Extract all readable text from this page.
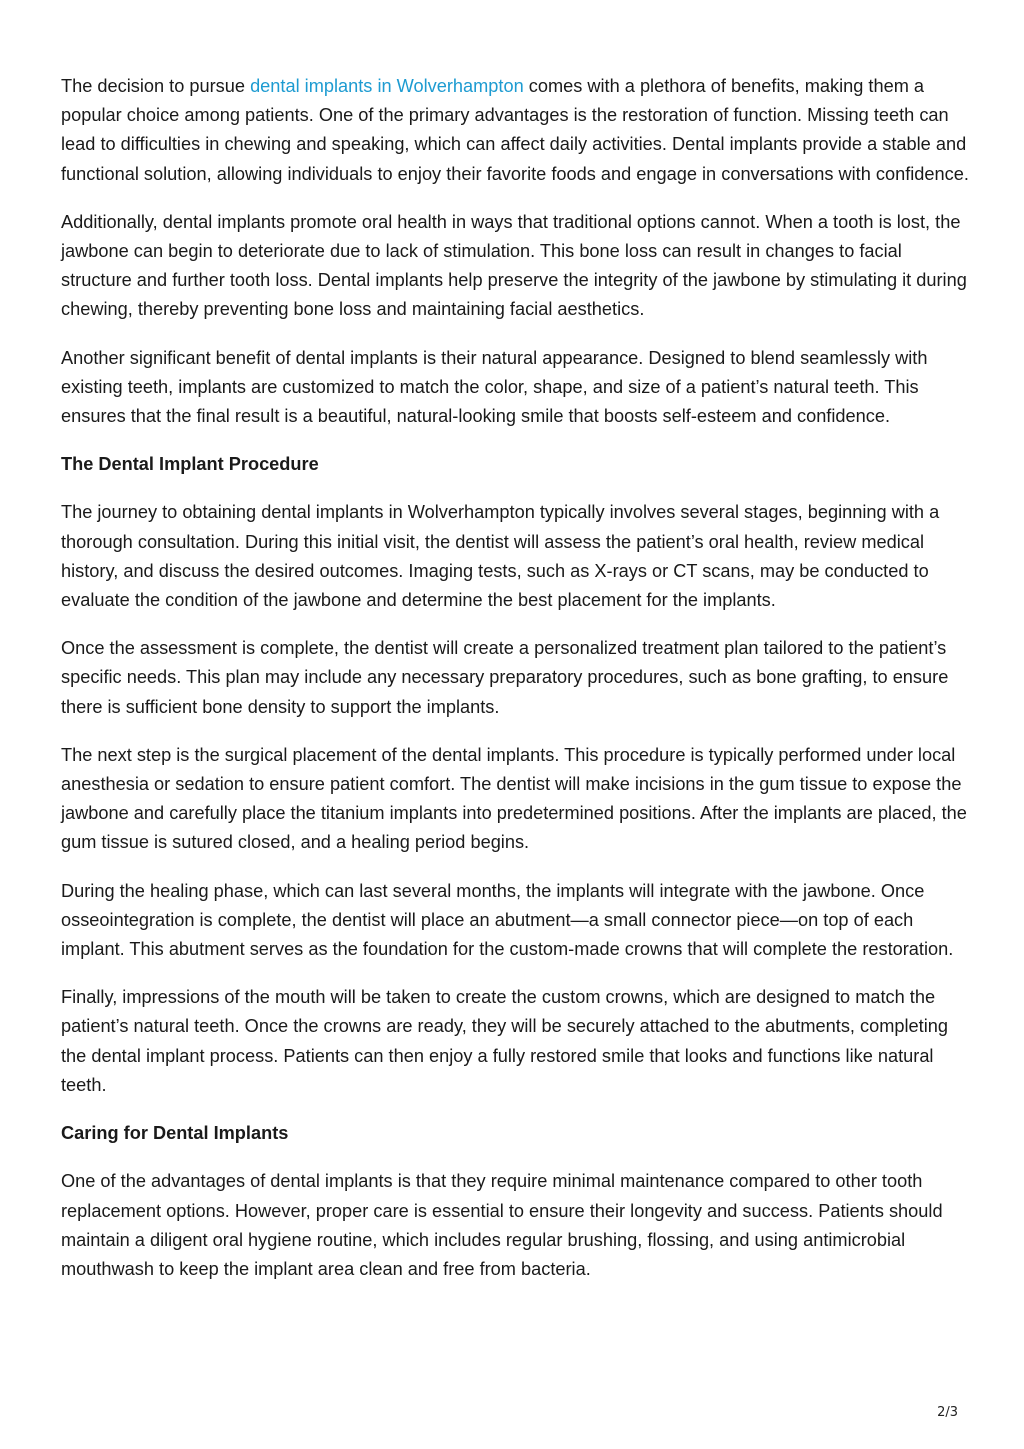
The decision to pursue dental implants in Wolverhampton comes with a plethora of benefits, making them a popular choice among patients. One of the primary advantages is the restoration of function. Missing teeth can lead to difficulties in chewing and speaking, which can affect daily activities. Dental implants provide a stable and functional solution, allowing individuals to enjoy their favorite foods and engage in conversations with confidence.

Additionally, dental implants promote oral health in ways that traditional options cannot. When a tooth is lost, the jawbone can begin to deteriorate due to lack of stimulation. This bone loss can result in changes to facial structure and further tooth loss. Dental implants help preserve the integrity of the jawbone by stimulating it during chewing, thereby preventing bone loss and maintaining facial aesthetics.

Another significant benefit of dental implants is their natural appearance. Designed to blend seamlessly with existing teeth, implants are customized to match the color, shape, and size of a patient’s natural teeth. This ensures that the final result is a beautiful, natural-looking smile that boosts self-esteem and confidence.

The Dental Implant Procedure

The journey to obtaining dental implants in Wolverhampton typically involves several stages, beginning with a thorough consultation. During this initial visit, the dentist will assess the patient’s oral health, review medical history, and discuss the desired outcomes. Imaging tests, such as X-rays or CT scans, may be conducted to evaluate the condition of the jawbone and determine the best placement for the implants.

Once the assessment is complete, the dentist will create a personalized treatment plan tailored to the patient’s specific needs. This plan may include any necessary preparatory procedures, such as bone grafting, to ensure there is sufficient bone density to support the implants.

The next step is the surgical placement of the dental implants. This procedure is typically performed under local anesthesia or sedation to ensure patient comfort. The dentist will make incisions in the gum tissue to expose the jawbone and carefully place the titanium implants into predetermined positions. After the implants are placed, the gum tissue is sutured closed, and a healing period begins.

During the healing phase, which can last several months, the implants will integrate with the jawbone. Once osseointegration is complete, the dentist will place an abutment—a small connector piece—on top of each implant. This abutment serves as the foundation for the custom-made crowns that will complete the restoration.

Finally, impressions of the mouth will be taken to create the custom crowns, which are designed to match the patient’s natural teeth. Once the crowns are ready, they will be securely attached to the abutments, completing the dental implant process. Patients can then enjoy a fully restored smile that looks and functions like natural teeth.

Caring for Dental Implants

One of the advantages of dental implants is that they require minimal maintenance compared to other tooth replacement options. However, proper care is essential to ensure their longevity and success. Patients should maintain a diligent oral hygiene routine, which includes regular brushing, flossing, and using antimicrobial mouthwash to keep the implant area clean and free from bacteria.

2/3
